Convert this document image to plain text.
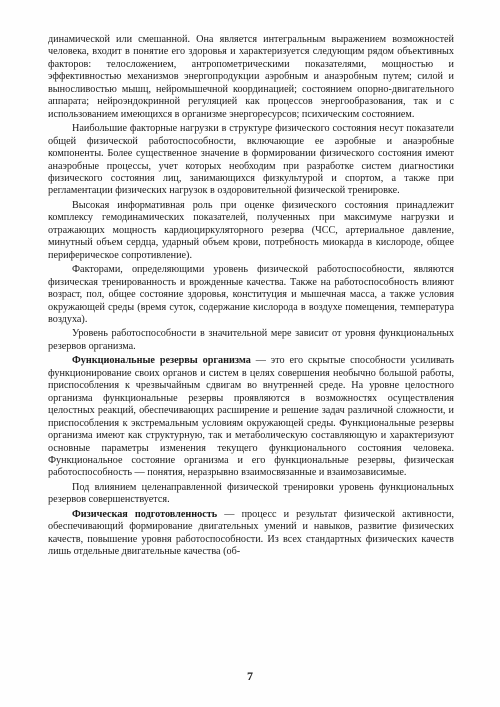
динамической или смешанной. Она является интегральным выражением возможностей человека, входит в понятие его здоровья и характеризуется следующим рядом объективных факторов: телосложением, антропометрическими показателями, мощностью и эффективностью механизмов энергопродукции аэробным и анаэробным путем; силой и выносливостью мышц, нейромышечной координацией; состоянием опорно-двигательного аппарата; нейроэндокринной регуляцией как процессов энергообразования, так и с использованием имеющихся в организме энергоресурсов; психическим состоянием.

Наибольшие факторные нагрузки в структуре физического состояния несут показатели общей физической работоспособности, включающие ее аэробные и анаэробные компоненты. Более существенное значение в формировании физического состояния имеют анаэробные процессы, учет которых необходим при разработке систем диагностики физического состояния лиц, занимающихся физкультурой и спортом, а также при регламентации физических нагрузок в оздоровительной физической тренировке.

Высокая информативная роль при оценке физического состояния принадлежит комплексу гемодинамических показателей, полученных при максимуме нагрузки и отражающих мощность кардиоциркуляторного резерва (ЧСС, артериальное давление, минутный объем сердца, ударный объем крови, потребность миокарда в кислороде, общее периферическое сопротивление).

Факторами, определяющими уровень физической работоспособности, являются физическая тренированность и врожденные качества. Также на работоспособность влияют возраст, пол, общее состояние здоровья, конституция и мышечная масса, а также условия окружающей среды (время суток, содержание кислорода в воздухе помещения, температура воздуха).

Уровень работоспособности в значительной мере зависит от уровня функциональных резервов организма.

Функциональные резервы организма — это его скрытые способности усиливать функционирование своих органов и систем в целях совершения необычно большой работы, приспособления к чрезвычайным сдвигам во внутренней среде. На уровне целостного организма функциональные резервы проявляются в возможностях осуществления целостных реакций, обеспечивающих расширение и решение задач различной сложности, и приспособления к экстремальным условиям окружающей среды. Функциональные резервы организма имеют как структурную, так и метаболическую составляющую и характеризуют основные параметры изменения текущего функционального состояния человека. Функциональное состояние организма и его функциональные резервы, физическая работоспособность — понятия, неразрывно взаимосвязанные и взаимозависимые.

Под влиянием целенаправленной физической тренировки уровень функциональных резервов совершенствуется.

Физическая подготовленность — процесс и результат физической активности, обеспечивающий формирование двигательных умений и навыков, развитие физических качеств, повышение уровня работоспособности. Из всех стандартных физических качеств лишь отдельные двигательные качества (об-

7
